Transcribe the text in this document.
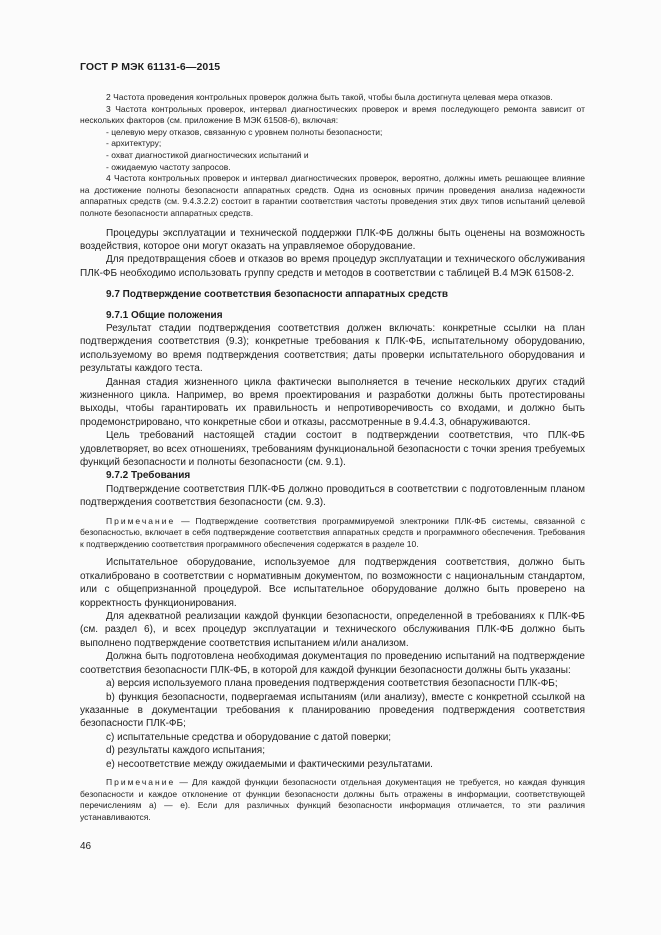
ГОСТ Р МЭК 61131-6—2015

2 Частота проведения контрольных проверок должна быть такой, чтобы была достигнута целевая мера отказов.

3 Частота контрольных проверок, интервал диагностических проверок и время последующего ремонта зависит от нескольких факторов (см. приложение В МЭК 61508-6), включая:

- целевую меру отказов, связанную с уровнем полноты безопасности;

- архитектуру;

- охват диагностикой диагностических испытаний и

- ожидаемую частоту запросов.

4 Частота контрольных проверок и интервал диагностических проверок, вероятно, должны иметь решающее влияние на достижение полноты безопасности аппаратных средств. Одна из основных причин проведения анализа надежности аппаратных средств (см. 9.4.3.2.2) состоит в гарантии соответствия частоты проведения этих двух типов испытаний целевой полноте безопасности аппаратных средств.

Процедуры эксплуатации и технической поддержки ПЛК-ФБ должны быть оценены на возможность воздействия, которое они могут оказать на управляемое оборудование.

Для предотвращения сбоев и отказов во время процедур эксплуатации и технического обслуживания ПЛК-ФБ необходимо использовать группу средств и методов в соответствии с таблицей В.4 МЭК 61508-2.

9.7 Подтверждение соответствия безопасности аппаратных средств

9.7.1 Общие положения

Результат стадии подтверждения соответствия должен включать: конкретные ссылки на план подтверждения соответствия (9.3); конкретные требования к ПЛК-ФБ, испытательному оборудованию, используемому во время подтверждения соответствия; даты проверки испытательного оборудования и результаты каждого теста.

Данная стадия жизненного цикла фактически выполняется в течение нескольких других стадий жизненного цикла. Например, во время проектирования и разработки должны быть протестированы выходы, чтобы гарантировать их правильность и непротиворечивость со входами, и должно быть продемонстрировано, что конкретные сбои и отказы, рассмотренные в 9.4.4.3, обнаруживаются.

Цель требований настоящей стадии состоит в подтверждении соответствия, что ПЛК-ФБ удовлетворяет, во всех отношениях, требованиям функциональной безопасности с точки зрения требуемых функций безопасности и полноты безопасности (см. 9.1).

9.7.2 Требования

Подтверждение соответствия ПЛК-ФБ должно проводиться в соответствии с подготовленным планом подтверждения соответствия безопасности (см. 9.3).

Примечание — Подтверждение соответствия программируемой электроники ПЛК-ФБ системы, связанной с безопасностью, включает в себя подтверждение соответствия аппаратных средств и программного обеспечения. Требования к подтверждению соответствия программного обеспечения содержатся в разделе 10.

Испытательное оборудование, используемое для подтверждения соответствия, должно быть откалибровано в соответствии с нормативным документом, по возможности с национальным стандартом, или с общепризнанной процедурой. Все испытательное оборудование должно быть проверено на корректность функционирования.

Для адекватной реализации каждой функции безопасности, определенной в требованиях к ПЛК-ФБ (см. раздел 6), и всех процедур эксплуатации и технического обслуживания ПЛК-ФБ должно быть выполнено подтверждение соответствия испытанием и/или анализом.

Должна быть подготовлена необходимая документация по проведению испытаний на подтверждение соответствия безопасности ПЛК-ФБ, в которой для каждой функции безопасности должны быть указаны:

a) версия используемого плана проведения подтверждения соответствия безопасности ПЛК-ФБ;

b) функция безопасности, подвергаемая испытаниям (или анализу), вместе с конкретной ссылкой на указанные в документации требования к планированию проведения подтверждения соответствия безопасности ПЛК-ФБ;

c) испытательные средства и оборудование с датой поверки;

d) результаты каждого испытания;

e) несоответствие между ожидаемыми и фактическими результатами.

Примечание — Для каждой функции безопасности отдельная документация не требуется, но каждая функция безопасности и каждое отклонение от функции безопасности должны быть отражены в информации, соответствующей перечислениям а) — е). Если для различных функций безопасности информация отличается, то эти различия устанавливаются.

46
